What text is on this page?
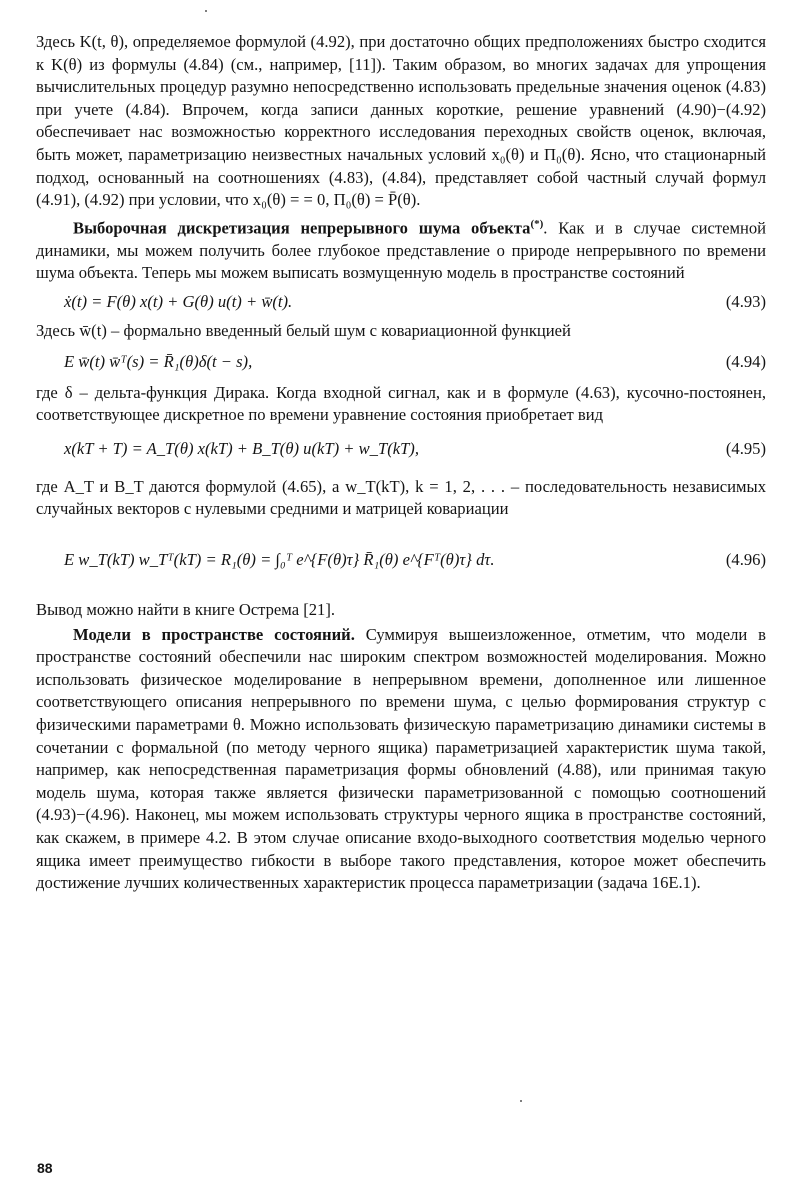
Здесь K(t, θ), определяемое формулой (4.92), при достаточно общих предположениях быстро сходится к K(θ) из формулы (4.84) (см., например, [11]). Таким образом, во многих задачах для упрощения вычислительных процедур разумно непосредственно использовать предельные значения оценок (4.83) при учете (4.84). Впрочем, когда записи данных короткие, решение уравнений (4.90)−(4.92) обеспечивает нас возможностью корректного исследования переходных свойств оценок, включая, быть может, параметризацию неизвестных начальных условий x₀(θ) и Π₀(θ). Ясно, что стационарный подход, основанный на соотношениях (4.83), (4.84), представляет собой частный случай формул (4.91), (4.92) при условии, что x₀(θ) = = 0, Π₀(θ) = P̄(θ).

Выборочная дискретизация непрерывного шума объекта(*). Как и в случае системной динамики, мы можем получить более глубокое представление о природе непрерывного по времени шума объекта. Теперь мы можем выписать возмущенную модель в пространстве состояний

ẋ(t) = F(θ) x(t) + G(θ) u(t) + w̄(t).	(4.93)

Здесь w̄(t) – формально введенный белый шум с ковариационной функцией

E w̄(t) w̄ᵀ(s) = R̄₁(θ)δ(t − s),	(4.94)

где δ – дельта-функция Дирака. Когда входной сигнал, как и в формуле (4.63), кусочно-постоянен, соответствующее дискретное по времени уравнение состояния приобретает вид

x(kT + T) = A_T(θ) x(kT) + B_T(θ) u(kT) + w_T(kT),	(4.95)

где A_T и B_T даются формулой (4.65), а w_T(kT), k = 1, 2, . . . – последовательность независимых случайных векторов с нулевыми средними и матрицей ковариации

E w_T(kT) w_Tᵀ(kT) = R₁(θ) = ∫₀ᵀ e^{F(θ)τ} R̄₁(θ) e^{Fᵀ(θ)τ} dτ.	(4.96)

Вывод можно найти в книге Острема [21].

Модели в пространстве состояний. Суммируя вышеизложенное, отметим, что модели в пространстве состояний обеспечили нас широким спектром возможностей моделирования. Можно использовать физическое моделирование в непрерывном времени, дополненное или лишенное соответствующего описания непрерывного по времени шума, с целью формирования структур с физическими параметрами θ. Можно использовать физическую параметризацию динамики системы в сочетании с формальной (по методу черного ящика) параметризацией характеристик шума такой, например, как непосредственная параметризация формы обновлений (4.88), или принимая такую модель шума, которая также является физически параметризованной с помощью соотношений (4.93)−(4.96). Наконец, мы можем использовать структуры черного ящика в пространстве состояний, как скажем, в примере 4.2. В этом случае описание входо-выходного соответствия моделью черного ящика имеет преимущество гибкости в выборе такого представления, которое может обеспечить достижение лучших количественных характеристик процесса параметризации (задача 16Е.1).

88
